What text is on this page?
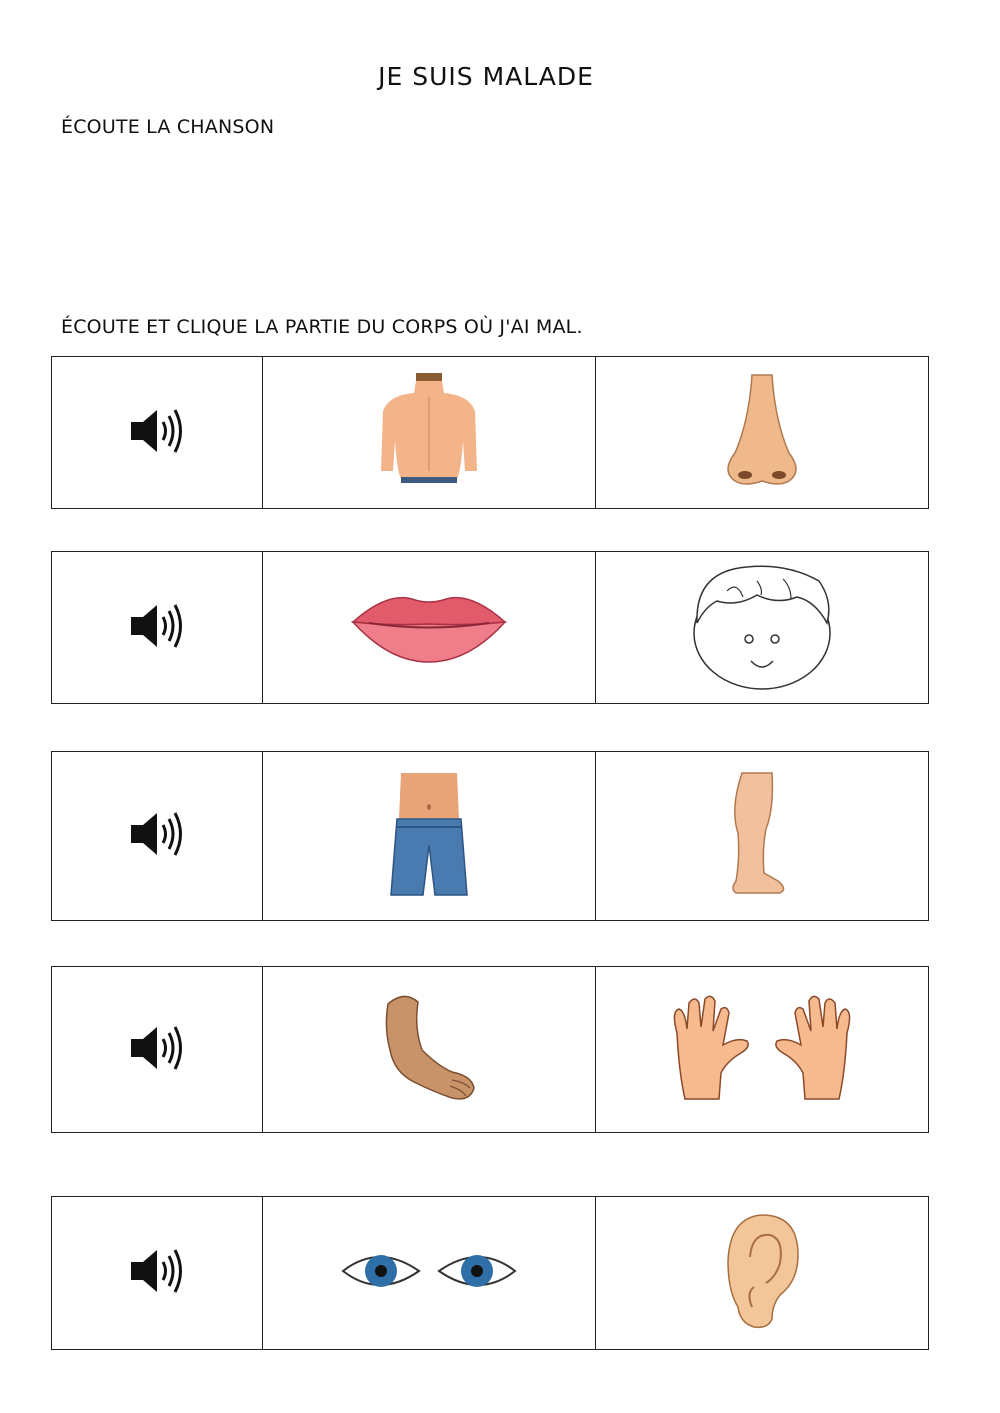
JE SUIS MALADE
ÉCOUTE LA CHANSON
ÉCOUTE ET CLIQUE LA PARTIE DU CORPS OÙ J'AI MAL.
